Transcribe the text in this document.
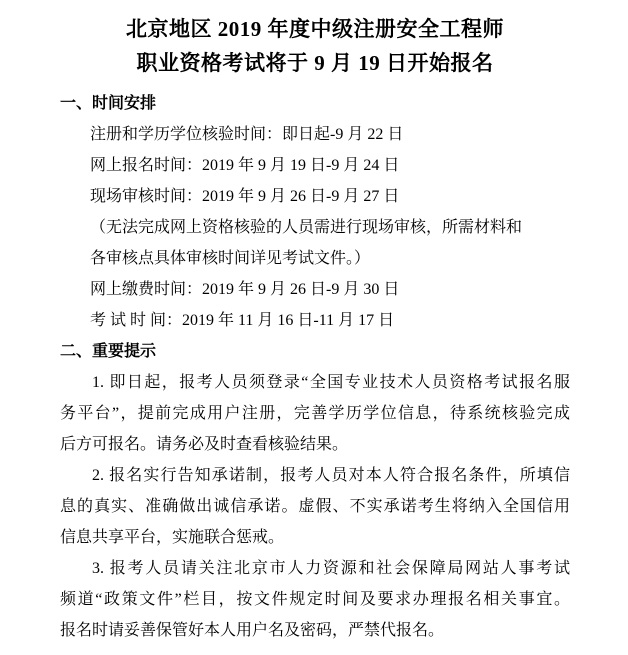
北京地区 2019 年度中级注册安全工程师
职业资格考试将于 9 月 19 日开始报名
一、时间安排
注册和学历学位核验时间：即日起-9 月 22 日
网上报名时间：2019 年 9 月 19 日-9 月 24 日
现场审核时间：2019 年 9 月 26 日-9 月 27 日
（无法完成网上资格核验的人员需进行现场审核，所需材料和
各审核点具体审核时间详见考试文件。）
网上缴费时间：2019 年 9 月 26 日-9 月 30 日
考 试 时 间：2019 年 11 月 16 日-11 月 17 日
二、重要提示
1. 即日起，报考人员须登录“全国专业技术人员资格考试报名服
务平台”，提前完成用户注册，完善学历学位信息，待系统核验完成
后方可报名。请务必及时查看核验结果。
2. 报名实行告知承诺制，报考人员对本人符合报名条件，所填信
息的真实、准确做出诚信承诺。虚假、不实承诺考生将纳入全国信用
信息共享平台，实施联合惩戒。
3. 报考人员请关注北京市人力资源和社会保障局网站人事考试
频道“政策文件”栏目，按文件规定时间及要求办理报名相关事宜。
报名时请妥善保管好本人用户名及密码，严禁代报名。
